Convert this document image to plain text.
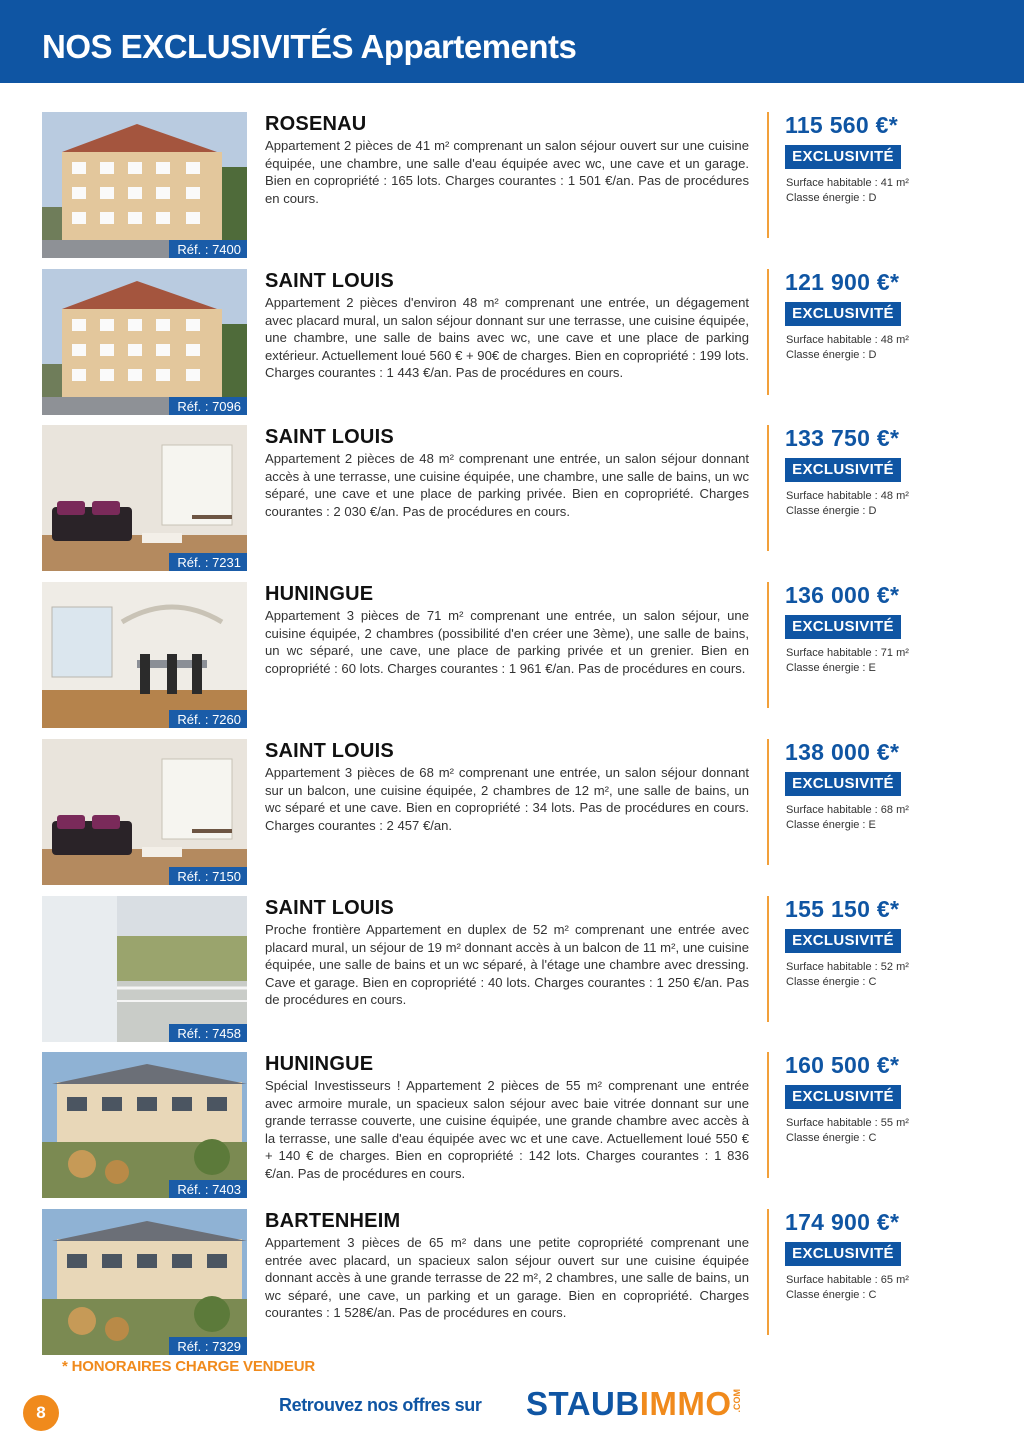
NOS EXCLUSIVITÉS Appartements
Réf. : 7400
ROSENAU
Appartement 2 pièces de 41 m² comprenant un salon séjour ouvert sur une cuisine équipée, une chambre, une salle d'eau équipée avec wc, une cave et un garage. Bien en copropriété : 165 lots. Charges courantes : 1 501 €/an. Pas de procédures en cours.
115 560 €*
EXCLUSIVITÉ
Surface habitable : 41 m²
Classe énergie : D
Réf. : 7096
SAINT LOUIS
Appartement 2 pièces d'environ 48 m² comprenant une entrée, un dégagement avec placard mural, un salon séjour donnant sur une terrasse, une cuisine équipée, une chambre, une salle de bains avec wc, une cave et une place de parking extérieur. Actuellement loué 560 € + 90€ de charges. Bien en copropriété : 199 lots. Charges courantes : 1 443 €/an. Pas de procédures en cours.
121 900 €*
EXCLUSIVITÉ
Surface habitable : 48 m²
Classe énergie : D
Réf. : 7231
SAINT LOUIS
Appartement 2 pièces de 48 m² comprenant une entrée, un salon séjour donnant accès à une terrasse, une cuisine équipée, une chambre, une salle de bains, un wc séparé, une cave et une place de parking privée. Bien en copropriété. Charges courantes : 2 030 €/an. Pas de procédures en cours.
133 750 €*
EXCLUSIVITÉ
Surface habitable : 48 m²
Classe énergie : D
Réf. : 7260
HUNINGUE
Appartement 3 pièces de 71 m² comprenant une entrée, un salon séjour, une cuisine équipée, 2 chambres (possibilité d'en créer une 3ème), une salle de bains, un wc séparé, une cave, une place de parking privée et un grenier. Bien en copropriété : 60 lots. Charges courantes : 1 961 €/an. Pas de procédures en cours.
136 000 €*
EXCLUSIVITÉ
Surface habitable : 71 m²
Classe énergie : E
Réf. : 7150
SAINT LOUIS
Appartement 3 pièces de 68 m² comprenant une entrée, un salon séjour donnant sur un balcon, une cuisine équipée, 2 chambres de 12 m², une salle de bains, un wc séparé et une cave. Bien en copropriété : 34 lots. Pas de procédures en cours. Charges courantes : 2 457 €/an.
138 000 €*
EXCLUSIVITÉ
Surface habitable : 68 m²
Classe énergie : E
Réf. : 7458
SAINT LOUIS
Proche frontière Appartement en duplex de 52 m² comprenant une entrée avec placard mural, un séjour de 19 m² donnant accès à un balcon de 11 m², une cuisine équipée, une salle de bains et un wc séparé, à l'étage une chambre avec dressing. Cave et garage. Bien en copropriété : 40 lots. Charges courantes : 1 250 €/an. Pas de procédures en cours.
155 150 €*
EXCLUSIVITÉ
Surface habitable : 52 m²
Classe énergie : C
Réf. : 7403
HUNINGUE
Spécial Investisseurs ! Appartement 2 pièces de 55 m² comprenant une entrée avec armoire murale, un spacieux salon séjour avec baie vitrée donnant sur une grande terrasse couverte, une cuisine équipée, une grande chambre avec accès à la terrasse, une salle d'eau équipée avec wc et une cave. Actuellement loué 550 € + 140 € de charges. Bien en copropriété : 142 lots. Charges courantes : 1 836 €/an. Pas de procédures en cours.
160 500 €*
EXCLUSIVITÉ
Surface habitable : 55 m²
Classe énergie : C
Réf. : 7329
BARTENHEIM
Appartement 3 pièces de 65 m² dans une petite copropriété comprenant une entrée avec placard, un spacieux salon séjour ouvert sur une cuisine équipée donnant accès à une grande terrasse de 22 m², 2 chambres, une salle de bains, un wc séparé, une cave, un parking et un garage. Bien en copropriété. Charges courantes : 1 528€/an. Pas de procédures en cours.
174 900 €*
EXCLUSIVITÉ
Surface habitable : 65 m²
Classe énergie : C
* HONORAIRES CHARGE VENDEUR
8	Retrouvez nos offres sur STAUBIMMO .COM
